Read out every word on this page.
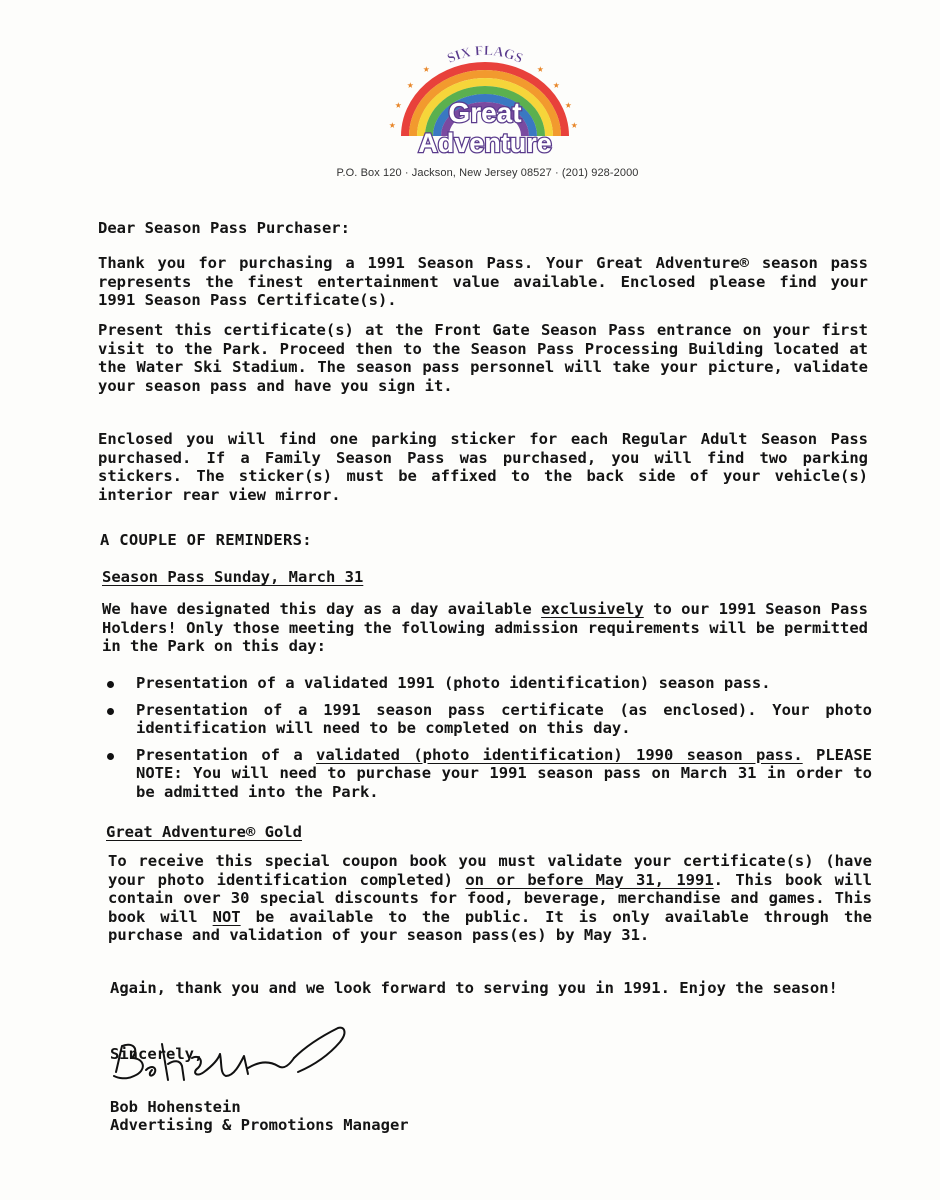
★
★
★
★	★
★
★
★
SIX FLAGS
Great
Adventure
P.O. Box 120 · Jackson, New Jersey 08527 · (201) 928-2000
Dear Season Pass Purchaser:
Thank you for purchasing a 1991 Season Pass. Your Great Adventure® season pass represents the finest entertainment value available. Enclosed please find your 1991 Season Pass Certificate(s).
Present this certificate(s) at the Front Gate Season Pass entrance on your first visit to the Park. Proceed then to the Season Pass Processing Building located at the Water Ski Stadium. The season pass personnel will take your picture, validate your season pass and have you sign it.
Enclosed you will find one parking sticker for each Regular Adult Season Pass purchased. If a Family Season Pass was purchased, you will find two parking stickers. The sticker(s) must be affixed to the back side of your vehicle(s) interior rear view mirror.
A COUPLE OF REMINDERS:
Season Pass Sunday, March 31
We have designated this day as a day available exclusively to our 1991 Season Pass Holders! Only those meeting the following admission requirements will be permitted in the Park on this day:
Presentation of a validated 1991 (photo identification) season pass.
Presentation of a 1991 season pass certificate (as enclosed). Your photo identification will need to be completed on this day.
Presentation of a validated (photo identification) 1990 season pass. PLEASE NOTE: You will need to purchase your 1991 season pass on March 31 in order to be admitted into the Park.
Great Adventure® Gold
To receive this special coupon book you must validate your certificate(s) (have your photo identification completed) on or before May 31, 1991. This book will contain over 30 special discounts for food, beverage, merchandise and games. This book will NOT be available to the public. It is only available through the purchase and validation of your season pass(es) by May 31.
Again, thank you and we look forward to serving you in 1991. Enjoy the season!
Sincerely,
Bob Hohenstein
Advertising & Promotions Manager
